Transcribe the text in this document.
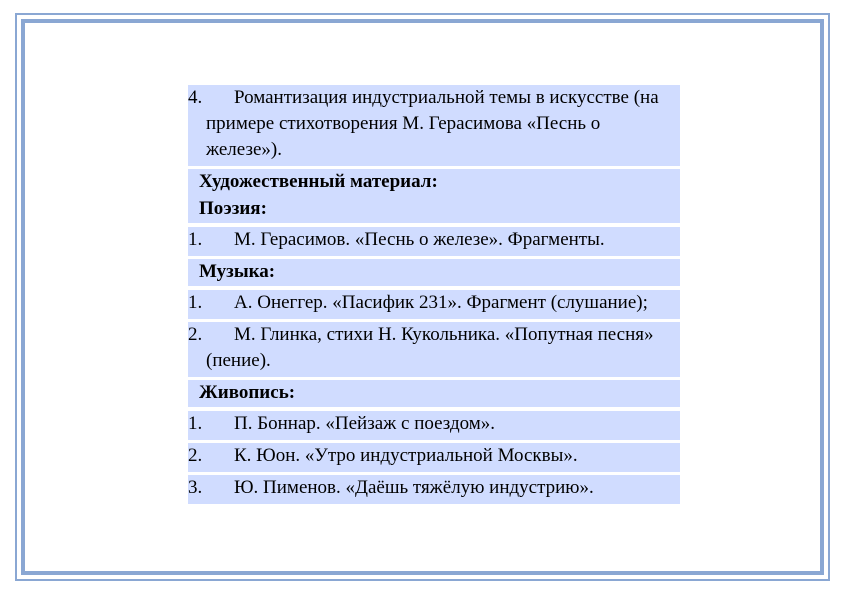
4. Романтизация индустриальной темы в искусстве (на примере стихотворения М. Герасимова «Песнь о железе»).
Художественный материал:
Поэзия:
1. М. Герасимов. «Песнь о железе». Фрагменты.
Музыка:
1. А. Онеггер. «Пасифик 231». Фрагмент (слушание);
2. М. Глинка, стихи Н. Кукольника. «Попутная песня» (пение).
Живопись:
1. П. Боннар. «Пейзаж с поездом».
2. К. Юон. «Утро индустриальной Москвы».
3. Ю. Пименов. «Даёшь тяжёлую индустрию».
